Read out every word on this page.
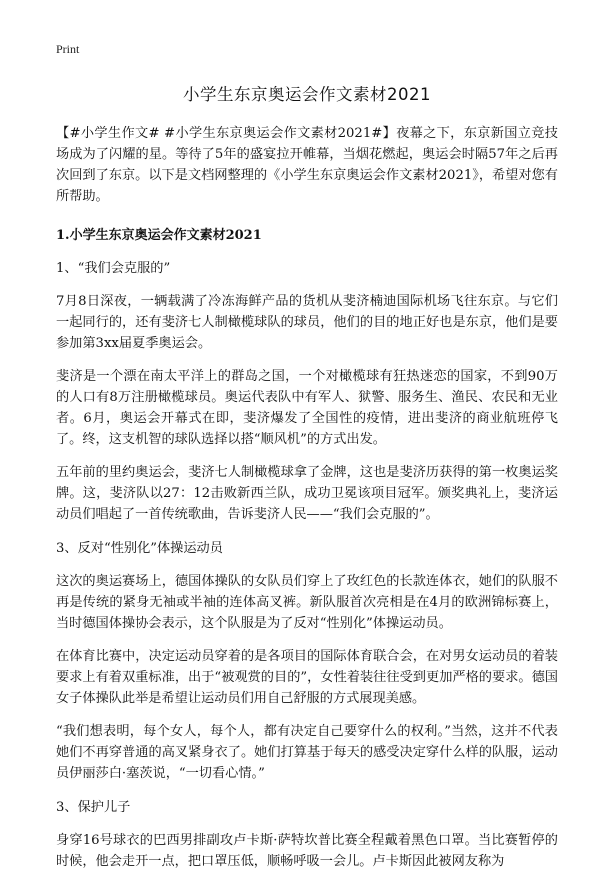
Print
小学生东京奥运会作文素材2021

【#小学生作文# #小学生东京奥运会作文素材2021#】夜幕之下，东京新国立竞技场成为了闪耀的星。等待了5年的盛宴拉开帷幕，当烟花燃起，奥运会时隔57年之后再次回到了东京。以下是文档网整理的《小学生东京奥运会作文素材2021》，希望对您有所帮助。

1.小学生东京奥运会作文素材2021
1、“我们会克服的”

7月8日深夜，一辆载满了冷冻海鲜产品的货机从斐济楠迪国际机场飞往东京。与它们一起同行的，还有斐济七人制橄榄球队的球员，他们的目的地正好也是东京，他们是要参加第3xx届夏季奥运会。

斐济是一个漂在南太平洋上的群岛之国，一个对橄榄球有狂热迷恋的国家，不到90万的人口有8万注册橄榄球员。奥运代表队中有军人、狱警、服务生、渔民、农民和无业者。6月，奥运会开幕式在即，斐济爆发了全国性的疫情，进出斐济的商业航班停飞了。终，这支机智的球队选择以搭“顺风机”的方式出发。

五年前的里约奥运会，斐济七人制橄榄球拿了金牌，这也是斐济历获得的第一枚奥运奖牌。这，斐济队以27：12击败新西兰队，成功卫冕该项目冠军。颁奖典礼上，斐济运动员们唱起了一首传统歌曲，告诉斐济人民——“我们会克服的”。

3、反对“性别化”体操运动员

这次的奥运赛场上，德国体操队的女队员们穿上了玫红色的长款连体衣，她们的队服不再是传统的紧身无袖或半袖的连体高叉裤。新队服首次亮相是在4月的欧洲锦标赛上，当时德国体操协会表示，这个队服是为了反对“性别化”体操运动员。

在体育比赛中，决定运动员穿着的是各项目的国际体育联合会，在对男女运动员的着装要求上有着双重标准，出于“被观赏的目的”，女性着装往往受到更加严格的要求。德国女子体操队此举是希望让运动员们用自己舒服的方式展现美感。

“我们想表明，每个女人，每个人，都有决定自己要穿什么的权利。”当然，这并不代表她们不再穿普通的高叉紧身衣了。她们打算基于每天的感受决定穿什么样的队服，运动员伊丽莎白·塞茨说，“一切看心情。”

3、保护儿子

身穿16号球衣的巴西男排副攻卢卡斯·萨特坎普比赛全程戴着黑色口罩。当比赛暂停的时候，他会走开一点，把口罩压低，顺畅呼吸一会儿。卢卡斯因此被网友称为
